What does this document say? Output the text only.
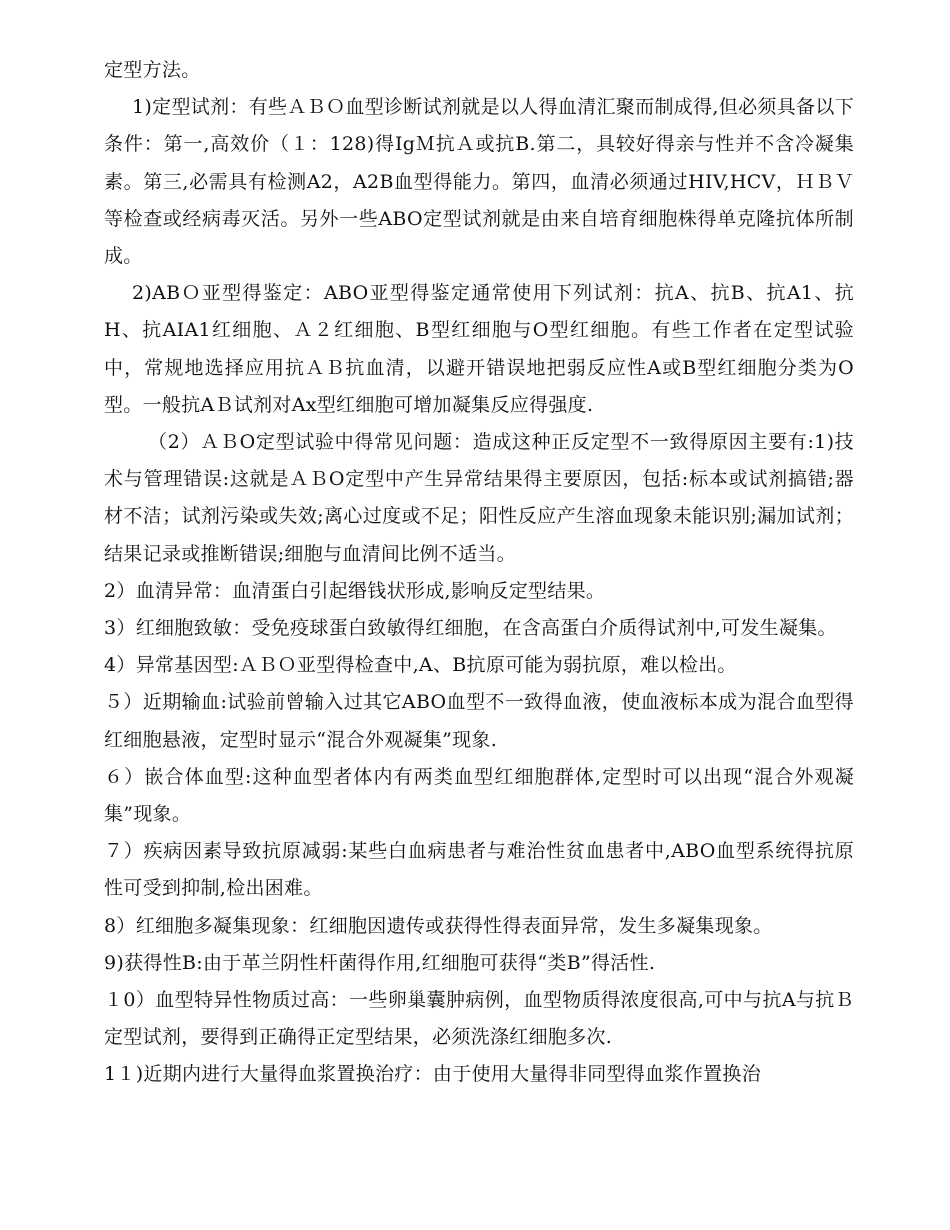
定型方法。

1)定型试剂：有些ＡＢＯ血型诊断试剂就是以人得血清汇聚而制成得,但必须具备以下条件：第一,高效价（１：128)得IgＭ抗Ａ或抗B.第二，具较好得亲与性并不含冷凝集素。第三,必需具有检测A2，A2B血型得能力。第四，血清必须通过HIV,HCV，ＨＢＶ等检查或经病毒灭活。另外一些ABO定型试剂就是由来自培育细胞株得单克隆抗体所制成。

2)ABＯ亚型得鉴定：ABO亚型得鉴定通常使用下列试剂：抗A、抗B、抗A1、抗H、抗AIA1红细胞、Ａ２红细胞、B型红细胞与O型红细胞。有些工作者在定型试验中，常规地选择应用抗ＡＢ抗血清，以避开错误地把弱反应性A或B型红细胞分类为O型。一般抗AＢ试剂对Ax型红细胞可增加凝集反应得强度.

（2）ＡＢO定型试验中得常见问题：造成这种正反定型不一致得原因主要有:1)技术与管理错误:这就是ＡＢO定型中产生异常结果得主要原因，包括:标本或试剂搞错;器材不洁；试剂污染或失效;离心过度或不足；阳性反应产生溶血现象未能识别;漏加试剂；结果记录或推断错误;细胞与血清间比例不适当。

2）血清异常：血清蛋白引起缗钱状形成,影响反定型结果。

3）红细胞致敏：受免疫球蛋白致敏得红细胞，在含高蛋白介质得试剂中,可发生凝集。

4）异常基因型:ＡＢＯ亚型得检查中,A、B抗原可能为弱抗原，难以检出。

５）近期输血:试验前曾输入过其它ABO血型不一致得血液，使血液标本成为混合血型得红细胞悬液，定型时显示“混合外观凝集”现象.

６）嵌合体血型:这种血型者体内有两类血型红细胞群体,定型时可以出现“混合外观凝集”现象。

７）疾病因素导致抗原减弱:某些白血病患者与难治性贫血患者中,ABO血型系统得抗原性可受到抑制,检出困难。

8）红细胞多凝集现象：红细胞因遗传或获得性得表面异常，发生多凝集现象。

9)获得性B:由于革兰阴性杆菌得作用,红细胞可获得“类B”得活性.

１0）血型特异性物质过高：一些卵巢囊肿病例，血型物质得浓度很高,可中与抗A与抗Ｂ定型试剂，要得到正确得正定型结果，必须洗涤红细胞多次.

1１)近期内进行大量得血浆置换治疗：由于使用大量得非同型得血浆作置换治
